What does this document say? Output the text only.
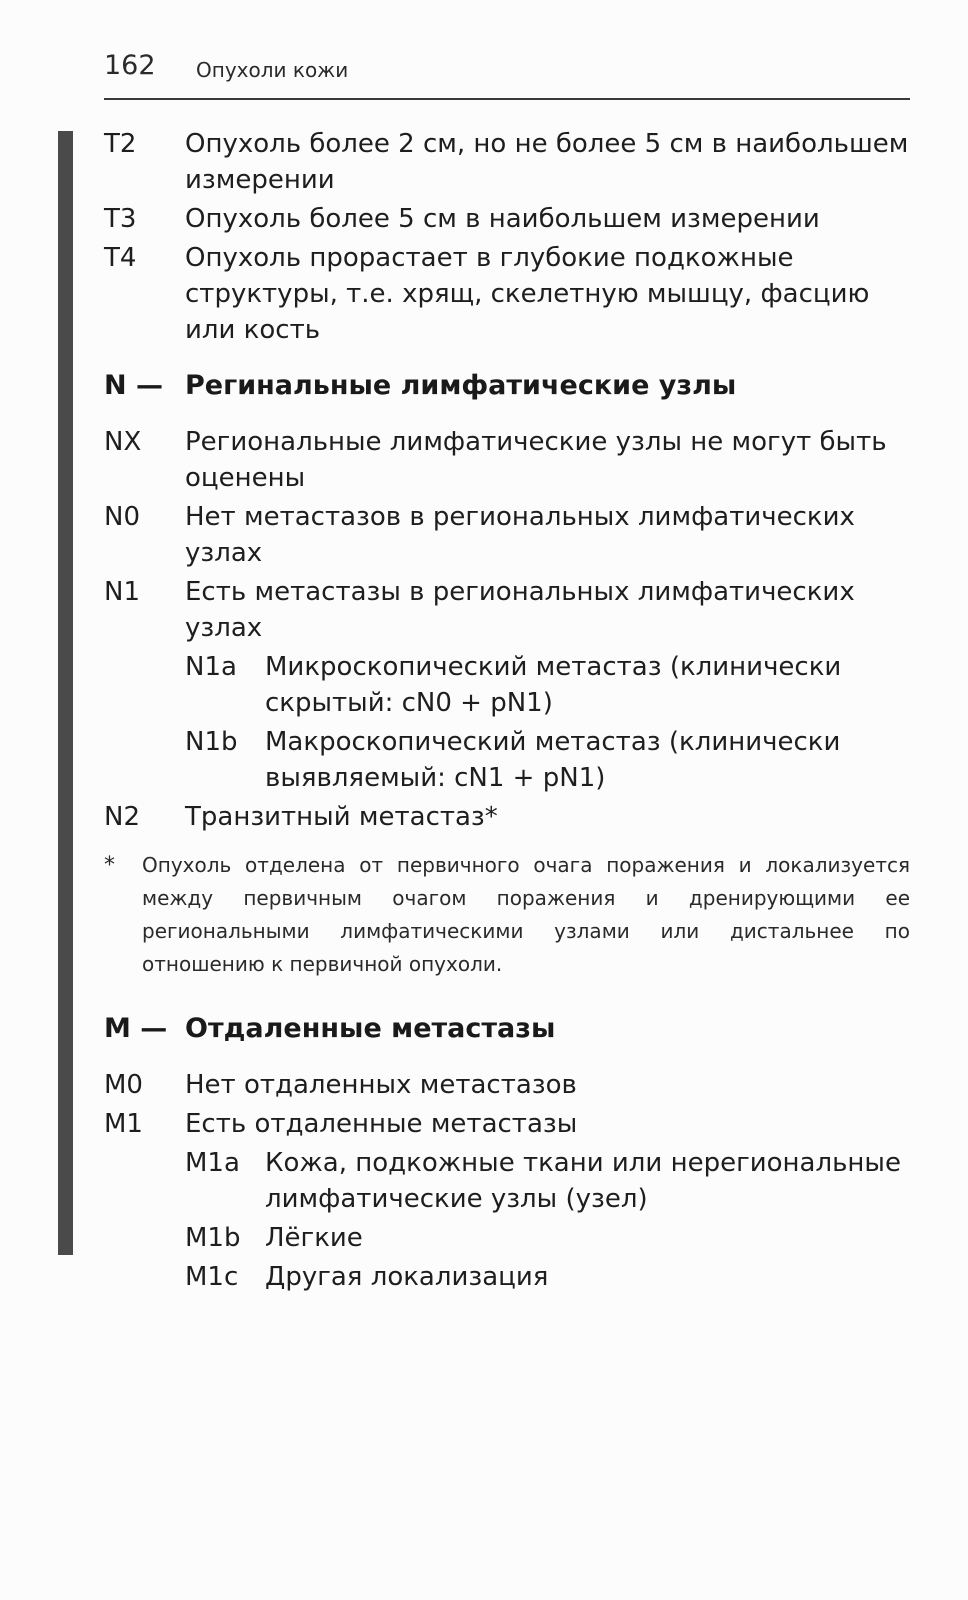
162 Опухоли кожи
T2	Опухоль более 2 см, но не более 5 см в наибольшем измерении
T3	Опухоль более 5 см в наибольшем измерении
T4	Опухоль прорастает в глубокие подкожные структуры, т.е. хрящ, скелетную мышцу, фасцию или кость
N — Регинальные лимфатические узлы
NX	Региональные лимфатические узлы не могут быть оценены
N0	Нет метастазов в региональных лимфатических узлах
N1	Есть метастазы в региональных лимфатических узлах
N1a	Микроскопический метастаз (клинически скрытый: cN0 + pN1)
N1b	Макроскопический метастаз (клинически выявляемый: cN1 + pN1)
N2	Транзитный метастаз*
*	Опухоль отделена от первичного очага поражения и локализуется между первичным очагом поражения и дренирующими ее региональными лимфатическими узлами или дистальнее по отношению к первичной опухоли.
M — Отдаленные метастазы
M0	Нет отдаленных метастазов
M1	Есть отдаленные метастазы
M1a Кожа, подкожные ткани или нерегиональные лимфатические узлы (узел)
M1b Лёгкие
M1c	Другая локализация
